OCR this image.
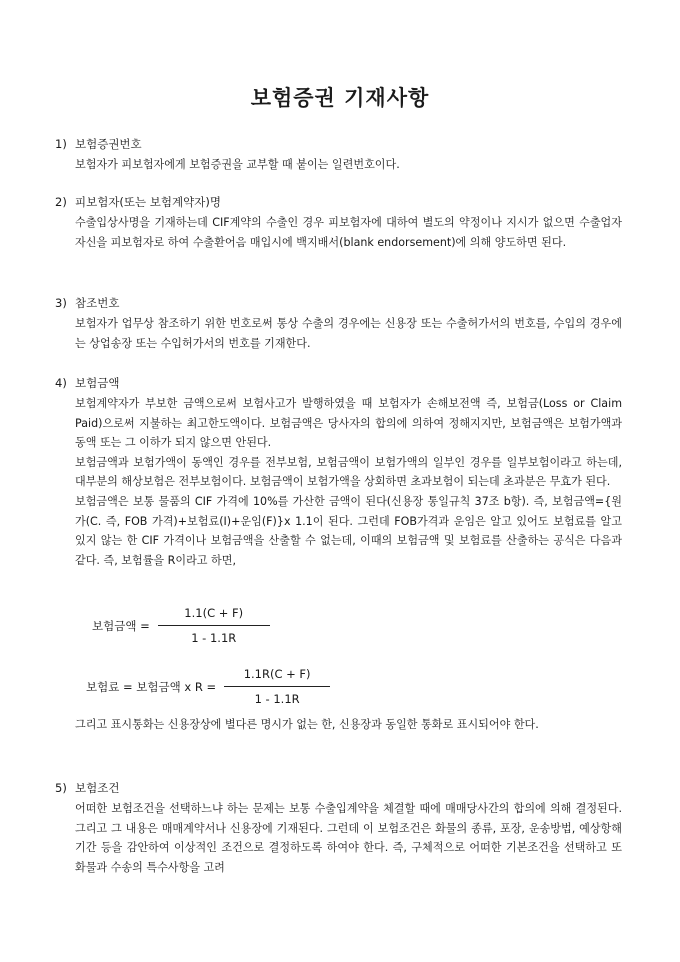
보험증권 기재사항

1) 보험증권번호

보험자가 피보험자에게 보험증권을 교부할 때 붙이는 일련번호이다.

2) 피보험자(또는 보험계약자)명

수출입상사명을 기재하는데 CIF계약의 수출인 경우 피보험자에 대하여 별도의 약정이나 지시가 없으면 수출업자 자신을 피보험자로 하여 수출환어음 매입시에 백지배서(blank endorsement)에 의해 양도하면 된다.

3) 참조번호

보험자가 업무상 참조하기 위한 번호로써 통상 수출의 경우에는 신용장 또는 수출허가서의 번호를, 수입의 경우에는 상업송장 또는 수입허가서의 번호를 기재한다.

4) 보험금액

보험계약자가 부보한 금액으로써 보험사고가 발행하였을 때 보험자가 손해보전액 즉, 보험금(Loss or Claim Paid)으로써 지불하는 최고한도액이다. 보험금액은 당사자의 합의에 의하여 정해지지만, 보험금액은 보험가액과 동액 또는 그 이하가 되지 않으면 안된다.

보험금액과 보험가액이 동액인 경우를 전부보험, 보험금액이 보험가액의 일부인 경우를 일부보험이라고 하는데, 대부분의 해상보험은 전부보험이다. 보험금액이 보험가액을 상회하면 초과보험이 되는데 초과분은 무효가 된다.

보험금액은 보통 물품의 CIF 가격에 10%를 가산한 금액이 된다(신용장 통일규칙 37조 b항). 즉, 보험금액={원가(C. 즉, FOB 가격)+보험료(I)+운임(F)}x 1.1이 된다. 그런데 FOB가격과 운임은 알고 있어도 보험료를 알고 있지 않는 한 CIF 가격이나 보험금액을 산출할 수 없는데, 이때의 보험금액 및 보험료를 산출하는 공식은 다음과 같다. 즉, 보험률을 R이라고 하면,

보험금액 = $\frac{1.1(C + F)}{1 - 1.1R}$
보험료 = 보험금액 x $R = \frac{1.1R(C + F)}{1 - 1.1R}$

그리고 표시통화는 신용장상에 별다른 명시가 없는 한, 신용장과 동일한 통화로 표시되어야 한다.

5) 보험조건

어떠한 보험조건을 선택하느냐 하는 문제는 보통 수출입계약을 체결할 때에 매매당사간의 합의에 의해 결정된다. 그리고 그 내용은 매매계약서나 신용장에 기재된다. 그런데 이 보험조건은 화물의 종류, 포장, 운송방법, 예상항해기간 등을 감안하여 이상적인 조건으로 결정하도록 하여야 한다. 즉, 구체적으로 어떠한 기본조건을 선택하고 또 화물과 수송의 특수사항을 고려
